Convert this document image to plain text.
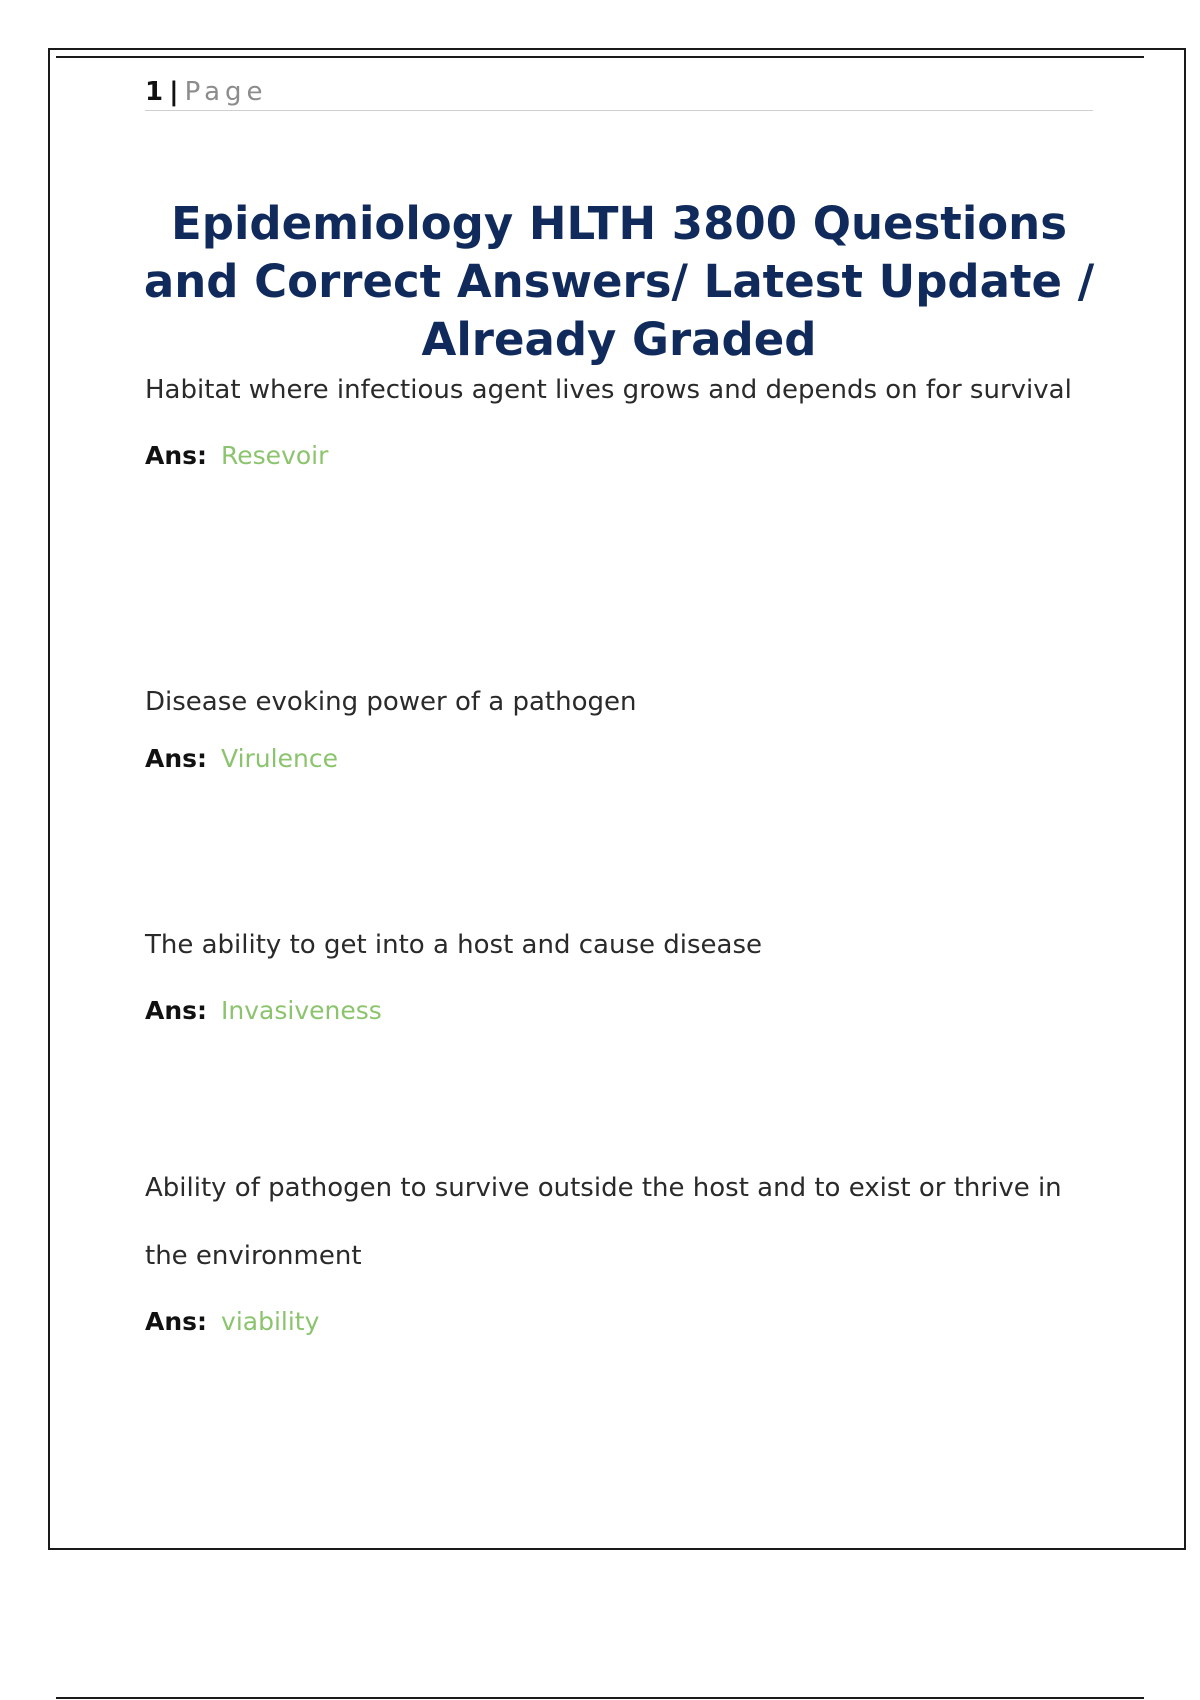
1 | Page
Epidemiology HLTH 3800 Questions and Correct Answers/ Latest Update / Already Graded

Habitat where infectious agent lives grows and depends on for survival

Ans: Resevoir

Disease evoking power of a pathogen

Ans: Virulence

The ability to get into a host and cause disease

Ans: Invasiveness

Ability of pathogen to survive outside the host and to exist or thrive in the environment

Ans: viability
